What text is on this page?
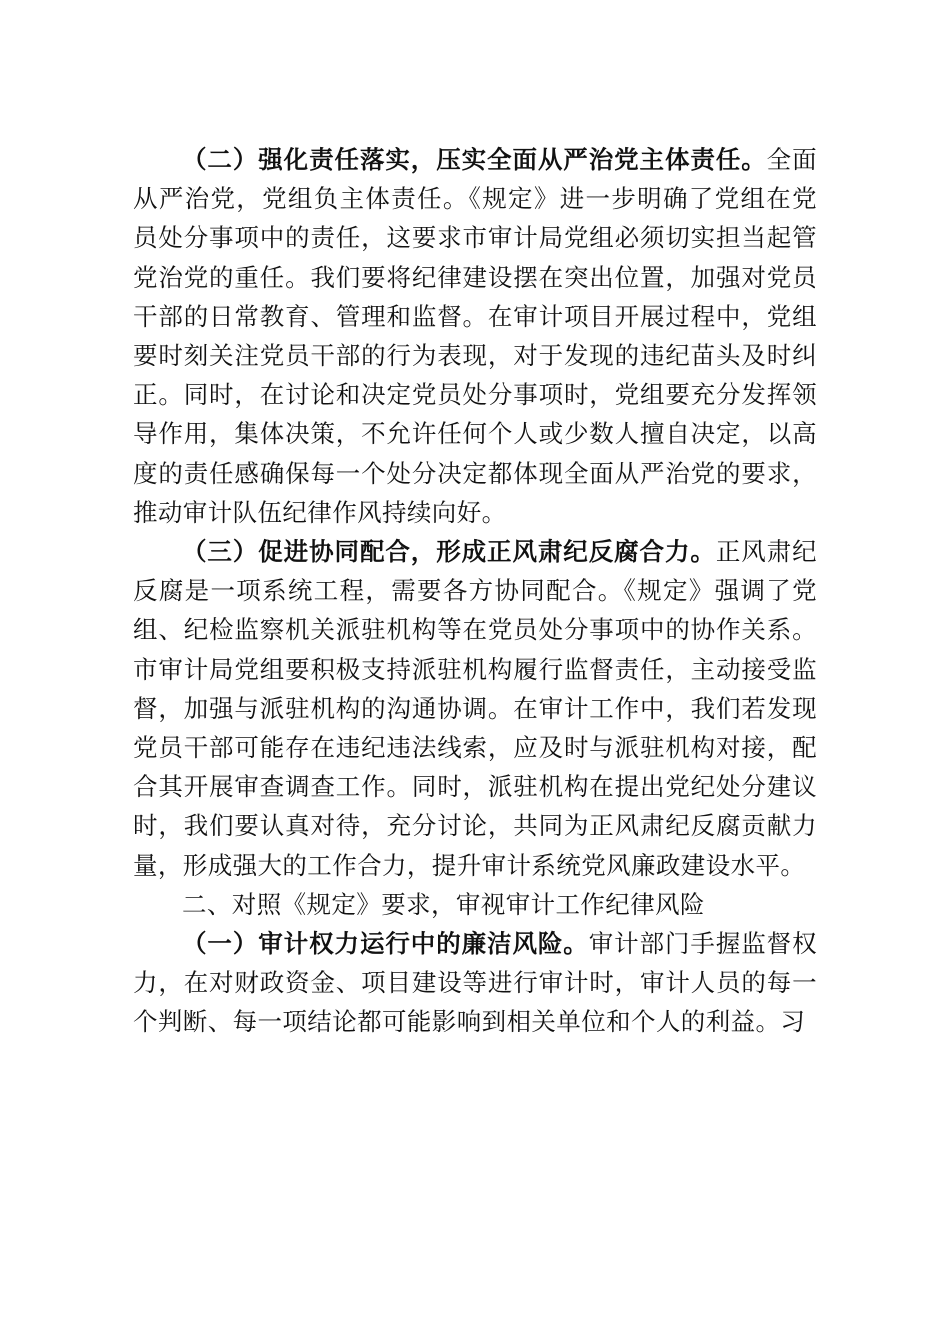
（二）强化责任落实，压实全面从严治党主体责任。全面从严治党，党组负主体责任。《规定》进一步明确了党组在党员处分事项中的责任，这要求市审计局党组必须切实担当起管党治党的重任。我们要将纪律建设摆在突出位置，加强对党员干部的日常教育、管理和监督。在审计项目开展过程中，党组要时刻关注党员干部的行为表现，对于发现的违纪苗头及时纠正。同时，在讨论和决定党员处分事项时，党组要充分发挥领导作用，集体决策，不允许任何个人或少数人擅自决定，以高度的责任感确保每一个处分决定都体现全面从严治党的要求，推动审计队伍纪律作风持续向好。

（三）促进协同配合，形成正风肃纪反腐合力。正风肃纪反腐是一项系统工程，需要各方协同配合。《规定》强调了党组、纪检监察机关派驻机构等在党员处分事项中的协作关系。市审计局党组要积极支持派驻机构履行监督责任，主动接受监督，加强与派驻机构的沟通协调。在审计工作中，我们若发现党员干部可能存在违纪违法线索，应及时与派驻机构对接，配合其开展审查调查工作。同时，派驻机构在提出党纪处分建议时，我们要认真对待，充分讨论，共同为正风肃纪反腐贡献力量，形成强大的工作合力，提升审计系统党风廉政建设水平。

二、对照《规定》要求，审视审计工作纪律风险

（一）审计权力运行中的廉洁风险。审计部门手握监督权力，在对财政资金、项目建设等进行审计时，审计人员的每一个判断、每一项结论都可能影响到相关单位和个人的利益。习
